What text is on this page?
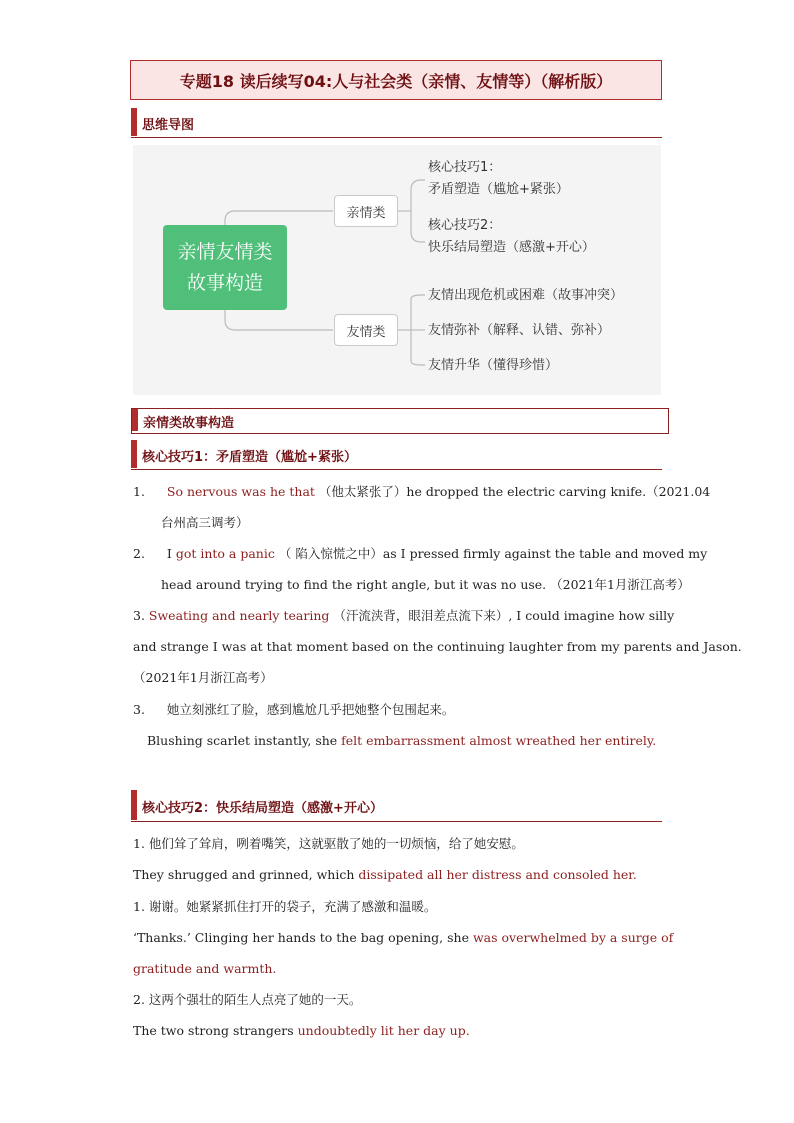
专题18 读后续写04:人与社会类（亲情、友情等）（解析版）
思维导图
亲情友情类
故事构造
亲情类
友情类
核心技巧1：
矛盾塑造（尴尬+紧张）
核心技巧2：
快乐结局塑造（感激+开心）
友情出现危机或困难（故事冲突）
友情弥补（解释、认错、弥补）
友情升华（懂得珍惜）
亲情类故事构造
核心技巧1：矛盾塑造（尴尬+紧张）
1. So nervous was he that （他太紧张了）he dropped the electric carving knife.（2021.04
台州高三调考）
2. I got into a panic （ 陷入惊慌之中）as I pressed firmly against the table and moved my
head around trying to find the right angle, but it was no use. （2021年1月浙江高考）
3. Sweating and nearly tearing （汗流浃背，眼泪差点流下来）, I could imagine how silly
and strange I was at that moment based on the continuing laughter from my parents and Jason.
（2021年1月浙江高考）
3. 她立刻涨红了脸，感到尴尬几乎把她整个包围起来。
Blushing scarlet instantly, she felt embarrassment almost wreathed her entirely.
核心技巧2：快乐结局塑造（感激+开心）
1. 他们耸了耸肩，咧着嘴笑，这就驱散了她的一切烦恼，给了她安慰。
They shrugged and grinned, which dissipated all her distress and consoled her.
1. 谢谢。她紧紧抓住打开的袋子，充满了感激和温暖。
‘Thanks.’ Clinging her hands to the bag opening, she was overwhelmed by a surge of
gratitude and warmth.
2. 这两个强壮的陌生人点亮了她的一天。
The two strong strangers undoubtedly lit her day up.
